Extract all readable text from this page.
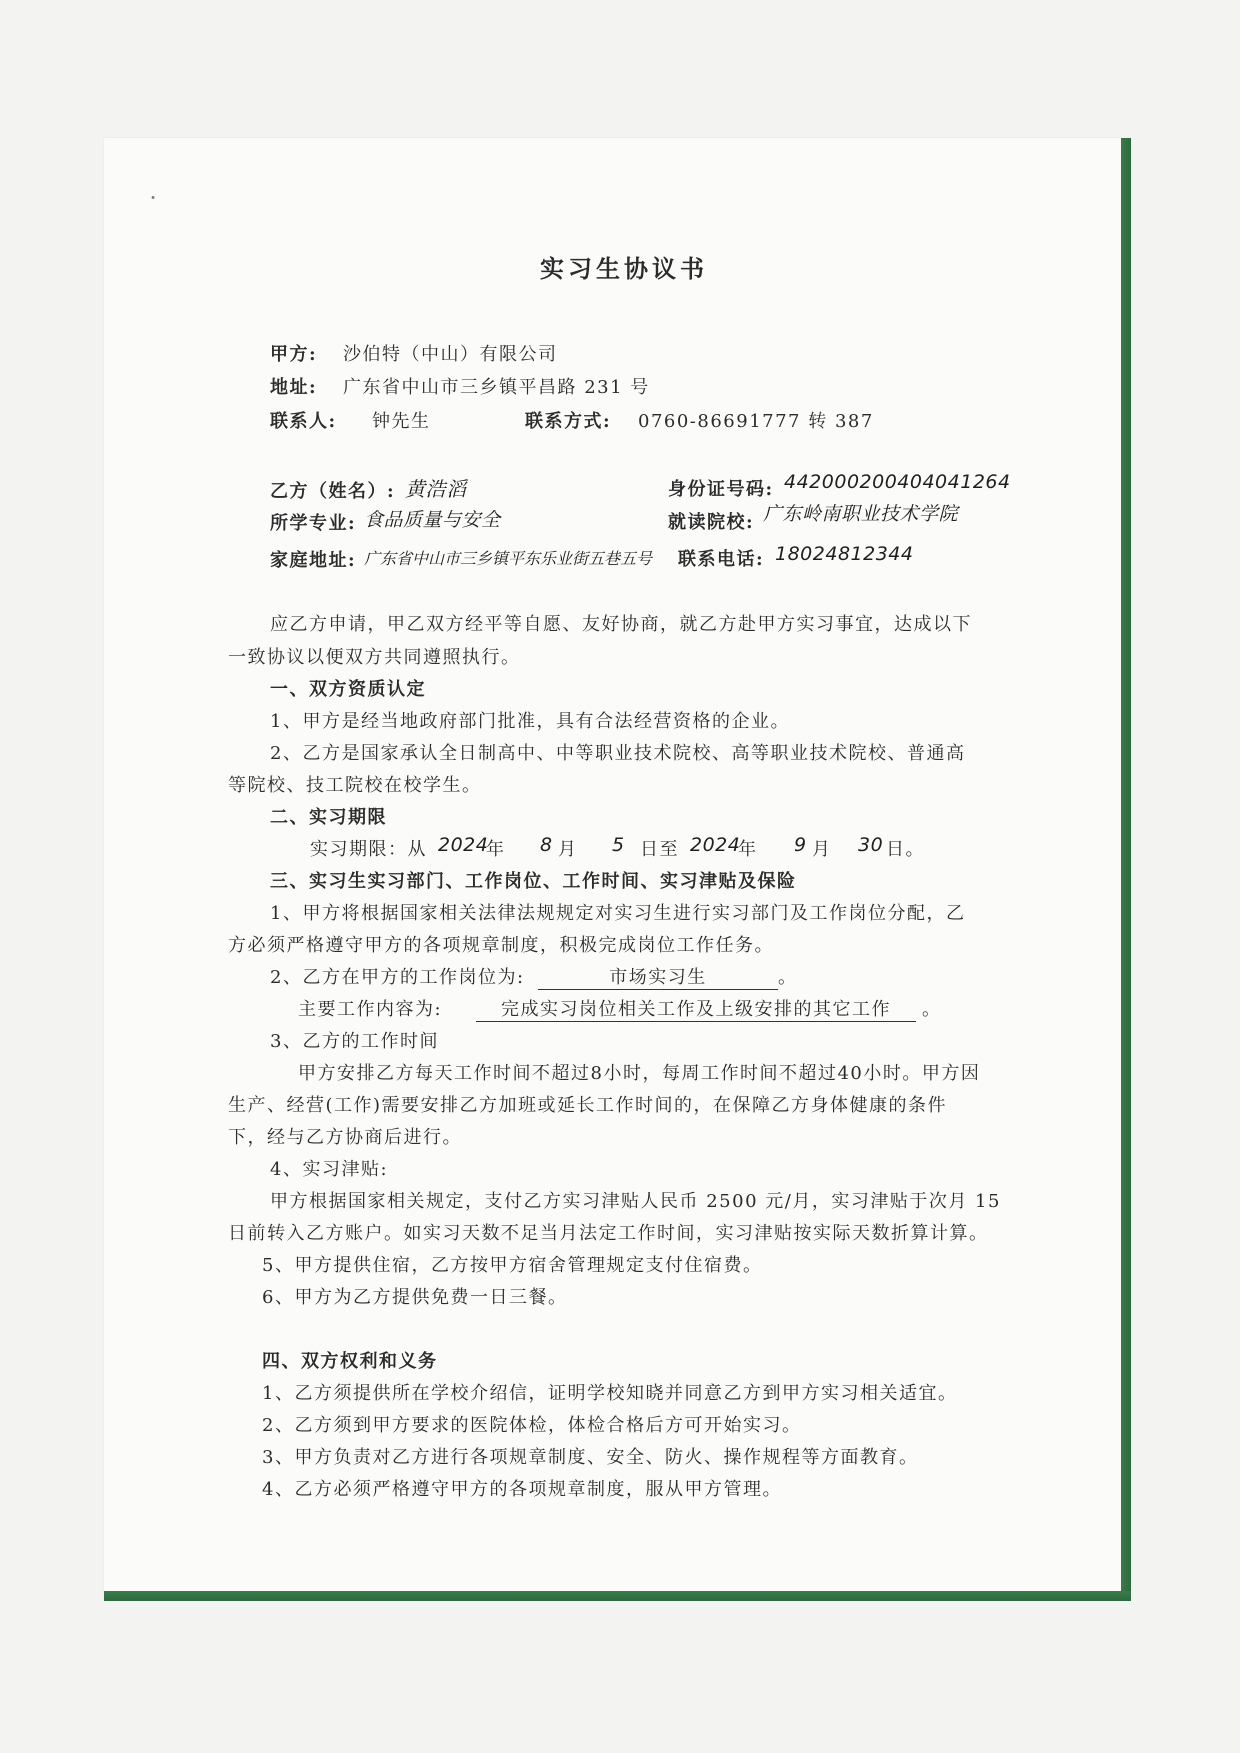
·
实习生协议书
甲方: 沙伯特（中山）有限公司
地址: 广东省中山市三乡镇平昌路 231 号
联系人: 钟先生	联系方式: 0760-86691777 转 387
乙方（姓名）: 黄浩滔	身份证号码: 442000200404041264
所学专业: 食品质量与安全	就读院校: 广东岭南职业技术学院
家庭地址: 广东省中山市三乡镇平东乐业街五巷五号 联系电话: 18024812344
应乙方申请，甲乙双方经平等自愿、友好协商，就乙方赴甲方实习事宜，达成以下
一致协议以便双方共同遵照执行。
一、双方资质认定
1、甲方是经当地政府部门批准，具有合法经营资格的企业。
2、乙方是国家承认全日制高中、中等职业技术院校、高等职业技术院校、普通高
等院校、技工院校在校学生。
二、实习期限
实习期限：从 2024
年 8 月 5 日至 2024
年 9 月 30 日。
三、实习生实习部门、工作岗位、工作时间、实习津贴及保险
1、甲方将根据国家相关法律法规规定对实习生进行实习部门及工作岗位分配，乙
方必须严格遵守甲方的各项规章制度，积极完成岗位工作任务。
2、乙方在甲方的工作岗位为:	市场实习生	。
主要工作内容为:	完成实习岗位相关工作及上级安排的其它工作 。
3、乙方的工作时间
甲方安排乙方每天工作时间不超过8小时，每周工作时间不超过40小时。甲方因
生产、经营(工作)需要安排乙方加班或延长工作时间的，在保障乙方身体健康的条件
下，经与乙方协商后进行。
4、实习津贴:
甲方根据国家相关规定，支付乙方实习津贴人民币 2500 元/月，实习津贴于次月 15
日前转入乙方账户。如实习天数不足当月法定工作时间，实习津贴按实际天数折算计算。
5、甲方提供住宿，乙方按甲方宿舍管理规定支付住宿费。
6、甲方为乙方提供免费一日三餐。
四、双方权利和义务
1、乙方须提供所在学校介绍信，证明学校知晓并同意乙方到甲方实习相关适宜。
2、乙方须到甲方要求的医院体检，体检合格后方可开始实习。
3、甲方负责对乙方进行各项规章制度、安全、防火、操作规程等方面教育。
4、乙方必须严格遵守甲方的各项规章制度，服从甲方管理。
